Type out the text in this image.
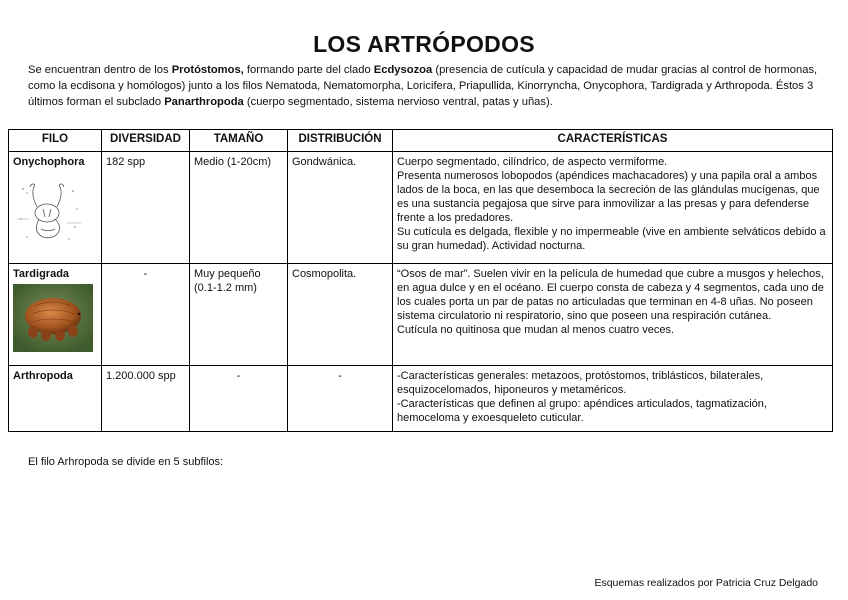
LOS ARTRÓPODOS
Se encuentran dentro de los Protóstomos, formando parte del clado Ecdysozoa (presencia de cutícula y capacidad de mudar gracias al control de hormonas, como la ecdisona y homólogos) junto a los filos Nematoda, Nematomorpha, Loricifera, Priapullida, Kinorryncha, Onycophora, Tardigrada y Arthropoda. Éstos 3 últimos forman el subclado Panarthropoda (cuerpo segmentado, sistema nervioso ventral, patas y uñas).
FILO	DIVERSIDAD	TAMAÑO	DISTRIBUCIÓN	CARACTERÍSTICAS

Onychophora	182 spp	Medio (1-20cm)	Gondwánica.	Cuerpo segmentado, cilíndrico, de aspecto vermiforme.

Presenta numerosos lobopodos (apéndices machacadores) y una papila oral a ambos lados de la boca, en las que desemboca la secreción de las glándulas mucígenas, que es una sustancia pegajosa que sirve para inmovilizar a las presas y para defenderse frente a los predadores.

Su cutícula es delgada, flexible y no impermeable (vive en ambiente selváticos debido a su gran humedad). Actividad nocturna.

Tardigrada	-	Muy pequeño (0.1-1.2 mm)	Cosmopolita.	“Osos de mar”. Suelen vivir en la película de humedad que cubre a musgos y helechos, en agua dulce y en el océano. El cuerpo consta de cabeza y 4 segmentos, cada uno de los cuales porta un par de patas no articuladas que terminan en 4-8 uñas. No poseen sistema circulatorio ni respiratorio, sino que poseen una respiración cutánea.

Cutícula no quitinosa que mudan al menos cuatro veces.

Arthropoda	1.200.000 spp	-	-	-Características generales: metazoos, protóstomos, triblásticos, bilaterales, esquizocelomados, hiponeuros y metaméricos.

-Características que definen al grupo: apéndices articulados, tagmatización, hemoceloma y exoesqueleto cuticular.

El filo Arhropoda se divide en 5 subfilos:
Esquemas realizados por Patricia Cruz Delgado
